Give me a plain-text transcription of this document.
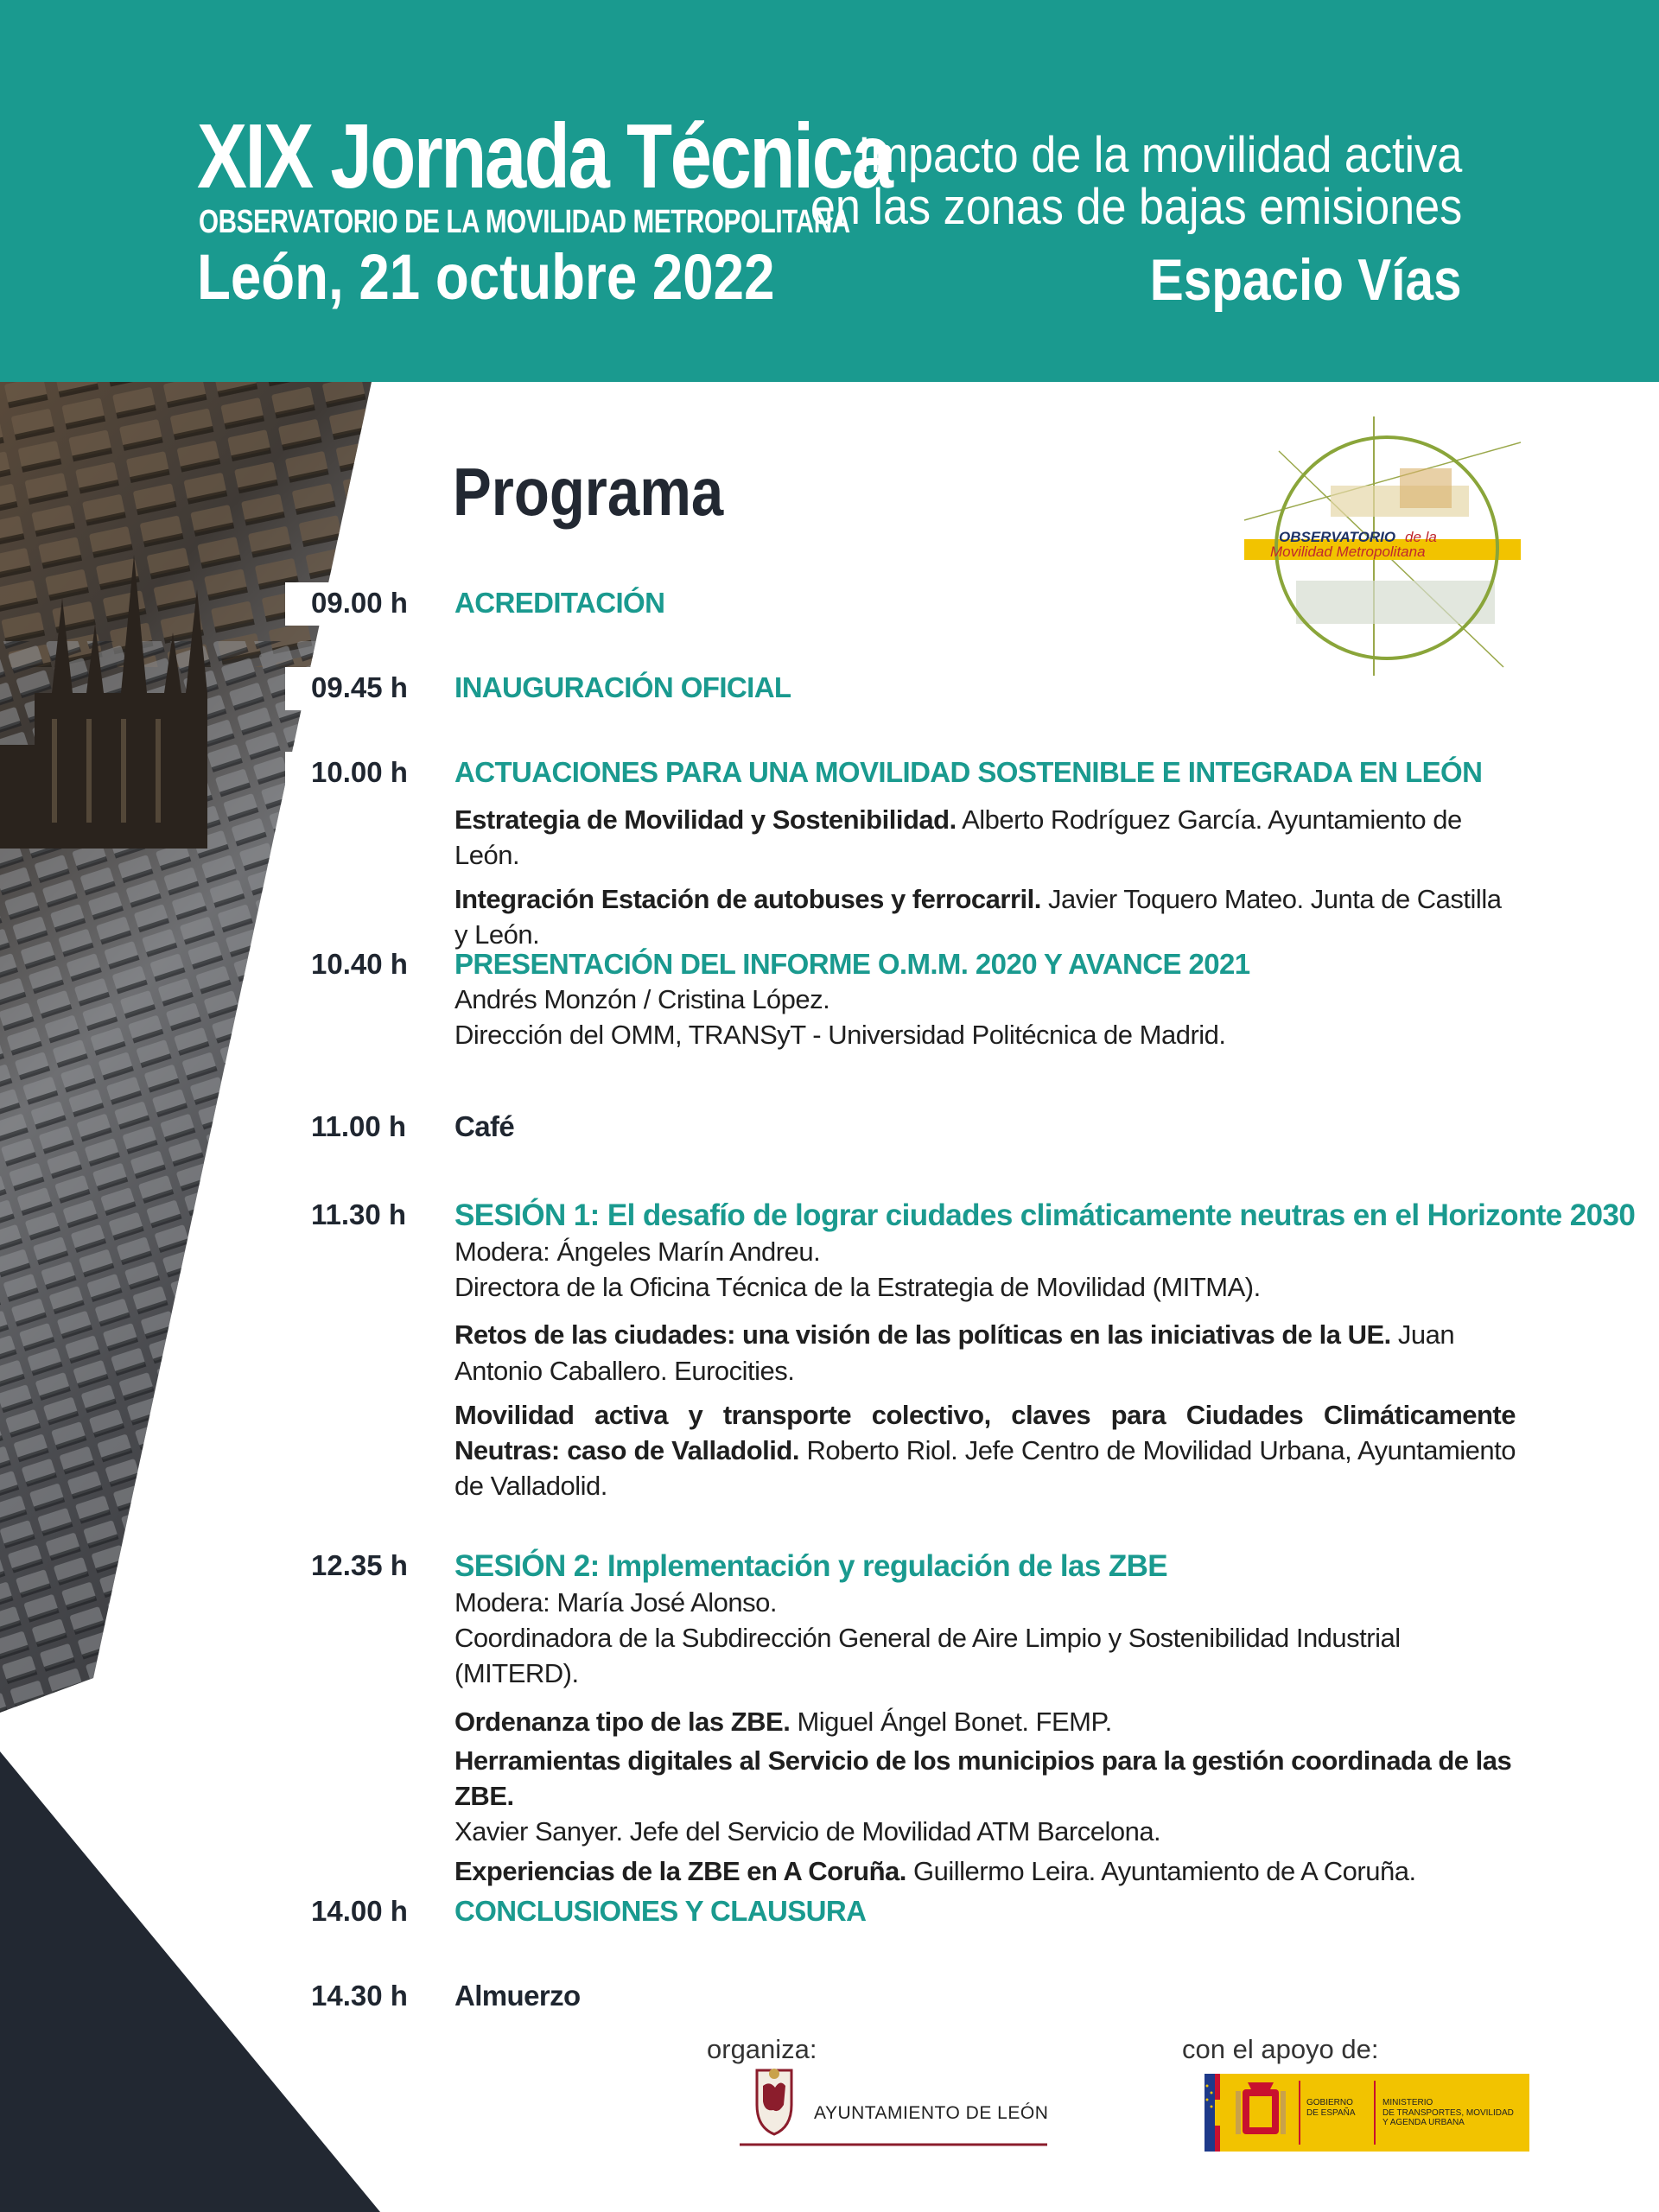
XIX Jornada Técnica
OBSERVATORIO DE LA MOVILIDAD METROPOLITANA
León, 21 octubre 2022
Impacto de la movilidad activa
en las zonas de bajas emisiones
Espacio Vías
OBSERVATORIO de la
Movilidad Metropolitana
Programa
09.00 h ACREDITACIÓN
09.45 h INAUGURACIÓN OFICIAL
10.00 h ACTUACIONES PARA UNA MOVILIDAD SOSTENIBLE E INTEGRADA EN LEÓN
Estrategia de Movilidad y Sostenibilidad. Alberto Rodríguez García. Ayuntamiento de León.
Integración Estación de autobuses y ferrocarril. Javier Toquero Mateo. Junta de Castilla y León.
10.40 h PRESENTACIÓN DEL INFORME O.M.M. 2020 Y AVANCE 2021
Andrés Monzón / Cristina López.
Dirección del OMM, TRANSyT - Universidad Politécnica de Madrid.
11.00 h	Café
11.30 h SESIÓN 1: El desafío de lograr ciudades climáticamente neutras en el Horizonte 2030
Modera: Ángeles Marín Andreu.
Directora de la Oficina Técnica de la Estrategia de Movilidad (MITMA).
Retos de las ciudades: una visión de las políticas en las iniciativas de la UE. Juan Antonio Caballero. Eurocities.
Movilidad activa y transporte colectivo, claves para Ciudades Climáticamente Neutras: caso de Valladolid. Roberto Riol. Jefe Centro de Movilidad Urbana, Ayuntamiento de Valladolid.
12.35 h SESIÓN 2: Implementación y regulación de las ZBE
Modera: María José Alonso.
Coordinadora de la Subdirección General de Aire Limpio y Sostenibilidad Industrial (MITERD).
Ordenanza tipo de las ZBE. Miguel Ángel Bonet. FEMP.
Herramientas digitales al Servicio de los municipios para la gestión coordinada de las ZBE.
Xavier Sanyer. Jefe del Servicio de Movilidad ATM Barcelona.
Experiencias de la ZBE en A Coruña. Guillermo Leira. Ayuntamiento de A Coruña.
14.00 h CONCLUSIONES Y CLAUSURA
14.30 h Almuerzo
organiza:
AYUNTAMIENTO DE LEÓN
con el apoyo de:
GOBIERNO
DE ESPAÑA
MINISTERIO
DE TRANSPORTES, MOVILIDAD
Y AGENDA URBANA
